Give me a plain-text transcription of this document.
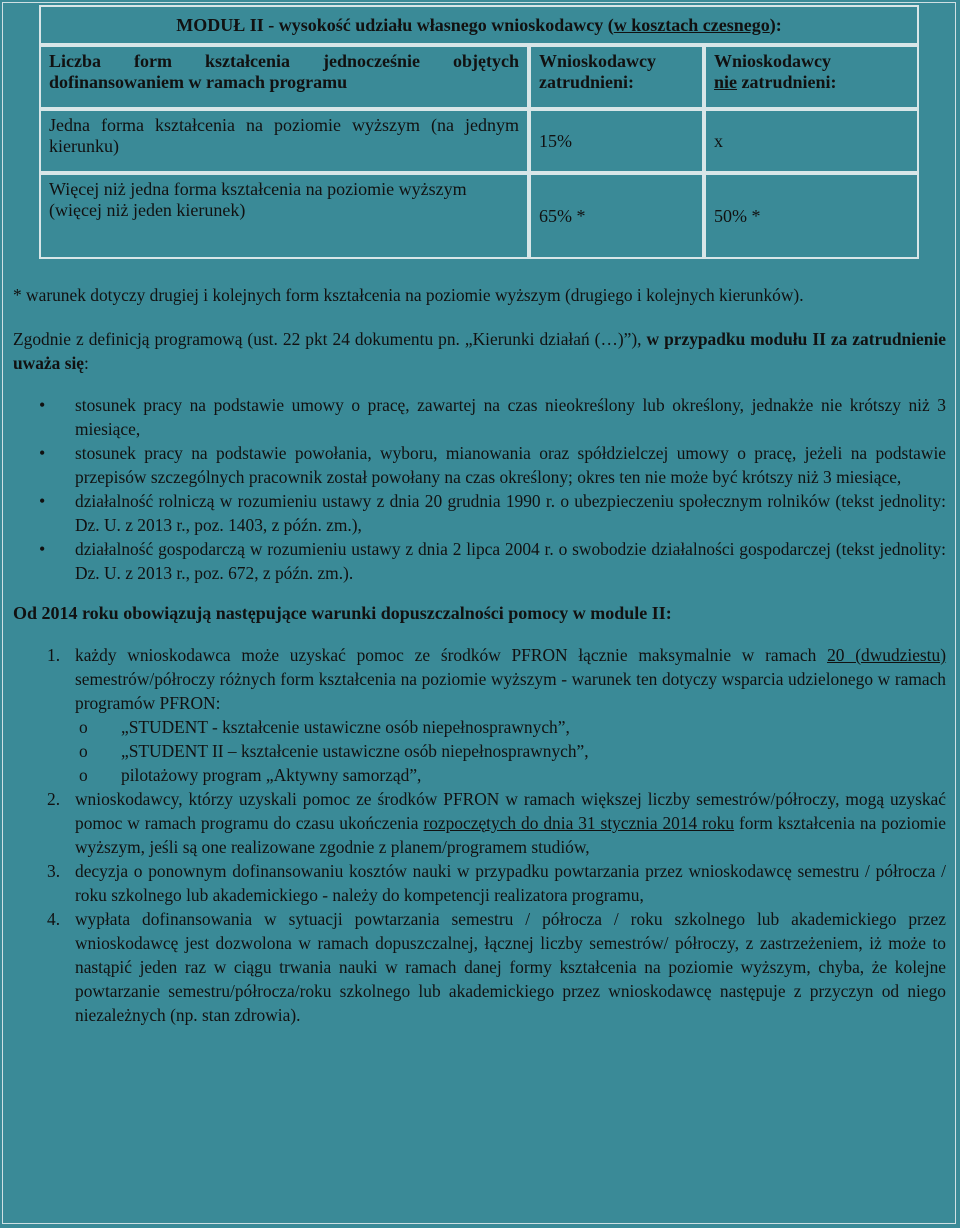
MODUŁ II - wysokość udziału własnego wnioskodawcy (w kosztach czesnego):		
Liczba form kształcenia jednocześnie objętych dofinansowaniem w ramach programu	Wnioskodawcy zatrudnieni:	Wnioskodawcy
nie zatrudnieni:

Jedna forma kształcenia na poziomie wyższym (na jednym kierunku)	15%	x

Więcej niż jedna forma kształcenia na poziomie wyższym
(więcej niż jeden kierunek)	65% *	50% *

* warunek dotyczy drugiej i kolejnych form kształcenia na poziomie wyższym (drugiego i kolejnych kierunków).

Zgodnie z definicją programową (ust. 22 pkt 24 dokumentu pn. „Kierunki działań (…)”), w przypadku modułu II za zatrudnienie uważa się:

• stosunek pracy na podstawie umowy o pracę, zawartej na czas nieokreślony lub określony, jednakże nie krótszy niż 3 miesiące,
• stosunek pracy na podstawie powołania, wyboru, mianowania oraz spółdzielczej umowy o pracę, jeżeli na podstawie przepisów szczególnych pracownik został powołany na czas określony; okres ten nie może być krótszy niż 3 miesiące,
• działalność rolniczą w rozumieniu ustawy z dnia 20 grudnia 1990 r. o ubezpieczeniu społecznym rolników (tekst jednolity: Dz. U. z 2013 r., poz. 1403, z późn. zm.),
• działalność gospodarczą w rozumieniu ustawy z dnia 2 lipca 2004 r. o swobodzie działalności gospodarczej (tekst jednolity: Dz. U. z 2013 r., poz. 672, z późn. zm.).

Od 2014 roku obowiązują następujące warunki dopuszczalności pomocy w module II:

1. każdy wnioskodawca może uzyskać pomoc ze środków PFRON łącznie maksymalnie w ramach 20 (dwudziestu) semestrów/półroczy różnych form kształcenia na poziomie wyższym - warunek ten dotyczy wsparcia udzielonego w ramach programów PFRON:
o „STUDENT - kształcenie ustawiczne osób niepełnosprawnych”,
o „STUDENT II – kształcenie ustawiczne osób niepełnosprawnych”,
o pilotażowy program „Aktywny samorząd”,
2. wnioskodawcy, którzy uzyskali pomoc ze środków PFRON w ramach większej liczby semestrów/półroczy, mogą uzyskać pomoc w ramach programu do czasu ukończenia rozpoczętych do dnia 31 stycznia 2014 roku form kształcenia na poziomie wyższym, jeśli są one realizowane zgodnie z planem/programem studiów,
3. decyzja o ponownym dofinansowaniu kosztów nauki w przypadku powtarzania przez wnioskodawcę semestru / półrocza / roku szkolnego lub akademickiego - należy do kompetencji realizatora programu,
4. wypłata dofinansowania w sytuacji powtarzania semestru / półrocza / roku szkolnego lub akademickiego przez wnioskodawcę jest dozwolona w ramach dopuszczalnej, łącznej liczby semestrów/ półroczy, z zastrzeżeniem, iż może to nastąpić jeden raz w ciągu trwania nauki w ramach danej formy kształcenia na poziomie wyższym, chyba, że kolejne powtarzanie semestru/półrocza/roku szkolnego lub akademickiego przez wnioskodawcę następuje z przyczyn od niego niezależnych (np. stan zdrowia).
